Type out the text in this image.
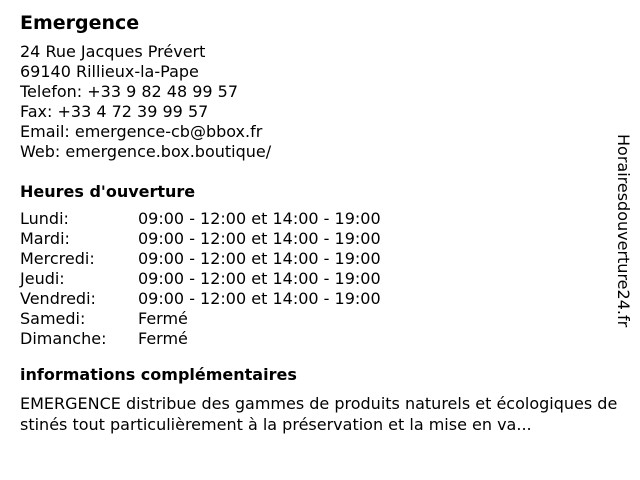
Emergence
24 Rue Jacques Prévert
69140 Rillieux-la-Pape
Telefon: +33 9 82 48 99 57
Fax: +33 4 72 39 99 57
Email: emergence-cb@bbox.fr
Web: emergence.box.boutique/
Heures d'ouverture
Lundi:	09:00 - 12:00 et 14:00 - 19:00
Mardi:	09:00 - 12:00 et 14:00 - 19:00
Mercredi:	09:00 - 12:00 et 14:00 - 19:00
Jeudi:	09:00 - 12:00 et 14:00 - 19:00
Vendredi:	09:00 - 12:00 et 14:00 - 19:00
Samedi:	Fermé
Dimanche:	Fermé
informations complémentaires
EMERGENCE distribue des gammes de produits naturels et écologiques destinés tout particulièrement à la préservation et la mise en va...
Horairesdouverture24.fr
